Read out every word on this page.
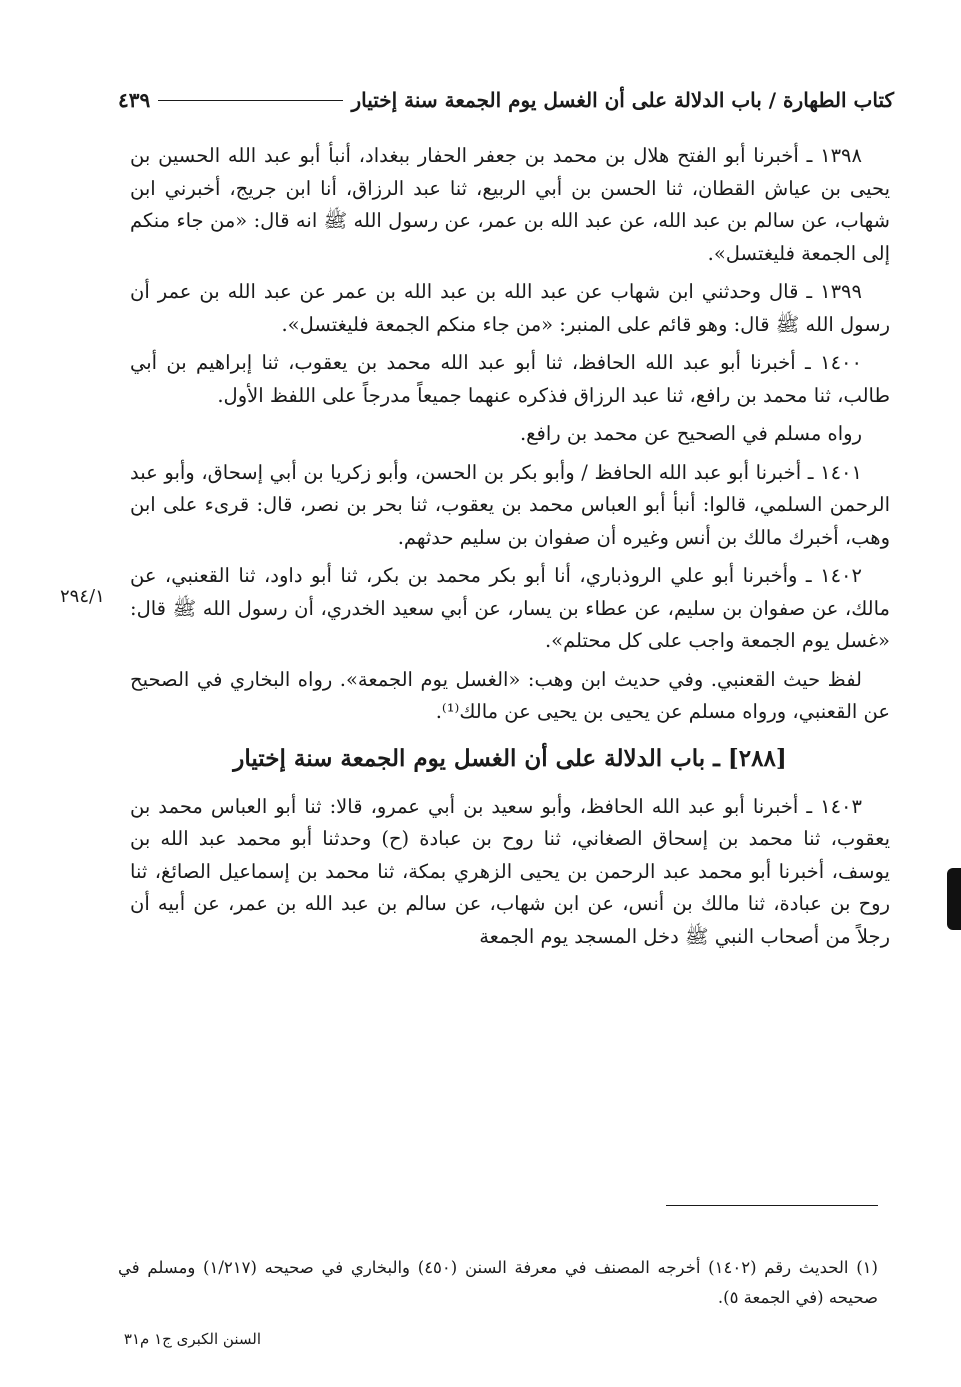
كتاب الطهارة / باب الدلالة على أن الغسل يوم الجمعة سنة إختيار
٤٣٩

١٣٩٨ ـ أخبرنا أبو الفتح هلال بن محمد بن جعفر الحفار ببغداد، أنبأ أبو عبد الله الحسين بن يحيى بن عياش القطان، ثنا الحسن بن أبي الربيع، ثنا عبد الرزاق، أنا ابن جريج، أخبرني ابن شهاب، عن سالم بن عبد الله، عن عبد الله بن عمر، عن رسول الله ﷺ انه قال: «من جاء منكم إلى الجمعة فليغتسل».

١٣٩٩ ـ قال وحدثني ابن شهاب عن عبد الله بن عبد الله بن عمر عن عبد الله بن عمر أن رسول الله ﷺ قال: وهو قائم على المنبر: «من جاء منكم الجمعة فليغتسل».

١٤٠٠ ـ أخبرنا أبو عبد الله الحافظ، ثنا أبو عبد الله محمد بن يعقوب، ثنا إبراهيم بن أبي طالب، ثنا محمد بن رافع، ثنا عبد الرزاق فذكره عنهما جميعاً مدرجاً على اللفظ الأول.

رواه مسلم في الصحيح عن محمد بن رافع.

١٤٠١ ـ أخبرنا أبو عبد الله الحافظ / وأبو بكر بن الحسن، وأبو زكريا بن أبي إسحاق، وأبو عبد الرحمن السلمي، قالوا: أنبأ أبو العباس محمد بن يعقوب، ثنا بحر بن نصر، قال: قرىء على ابن وهب، أخبرك مالك بن أنس وغيره أن صفوان بن سليم حدثهم.

١٤٠٢ ـ وأخبرنا أبو علي الروذباري، أنا أبو بكر محمد بن بكر، ثنا أبو داود، ثنا القعنبي، عن مالك، عن صفوان بن سليم، عن عطاء بن يسار، عن أبي سعيد الخدري، أن رسول الله ﷺ قال: «غسل يوم الجمعة واجب على كل محتلم».

لفظ حيث القعنبي. وفي حديث ابن وهب: «الغسل يوم الجمعة». رواه البخاري في الصحيح عن القعنبي، ورواه مسلم عن يحيى بن يحيى عن مالك⁽¹⁾.

[٢٨٨] ـ باب الدلالة على أن الغسل يوم الجمعة سنة إختيار

١٤٠٣ ـ أخبرنا أبو عبد الله الحافظ، وأبو سعيد بن أبي عمرو، قالا: ثنا أبو العباس محمد بن يعقوب، ثنا محمد بن إسحاق الصغاني، ثنا روح بن عبادة (ح) وحدثنا أبو محمد عبد الله بن يوسف، أخبرنا أبو محمد عبد الرحمن بن يحيى الزهري بمكة، ثنا محمد بن إسماعيل الصائغ، ثنا روح بن عبادة، ثنا مالك بن أنس، عن ابن شهاب، عن سالم بن عبد الله بن عمر، عن أبيه أن رجلاً من أصحاب النبي ﷺ دخل المسجد يوم الجمعة

٢٩٤/١

(١) الحديث رقم (١٤٠٢) أخرجه المصنف في معرفة السنن (٤٥٠) والبخاري في صحيحه (١/٢١٧) ومسلم في صحيحه (في الجمعة ٥).

السنن الكبرى ج١ م٣١
